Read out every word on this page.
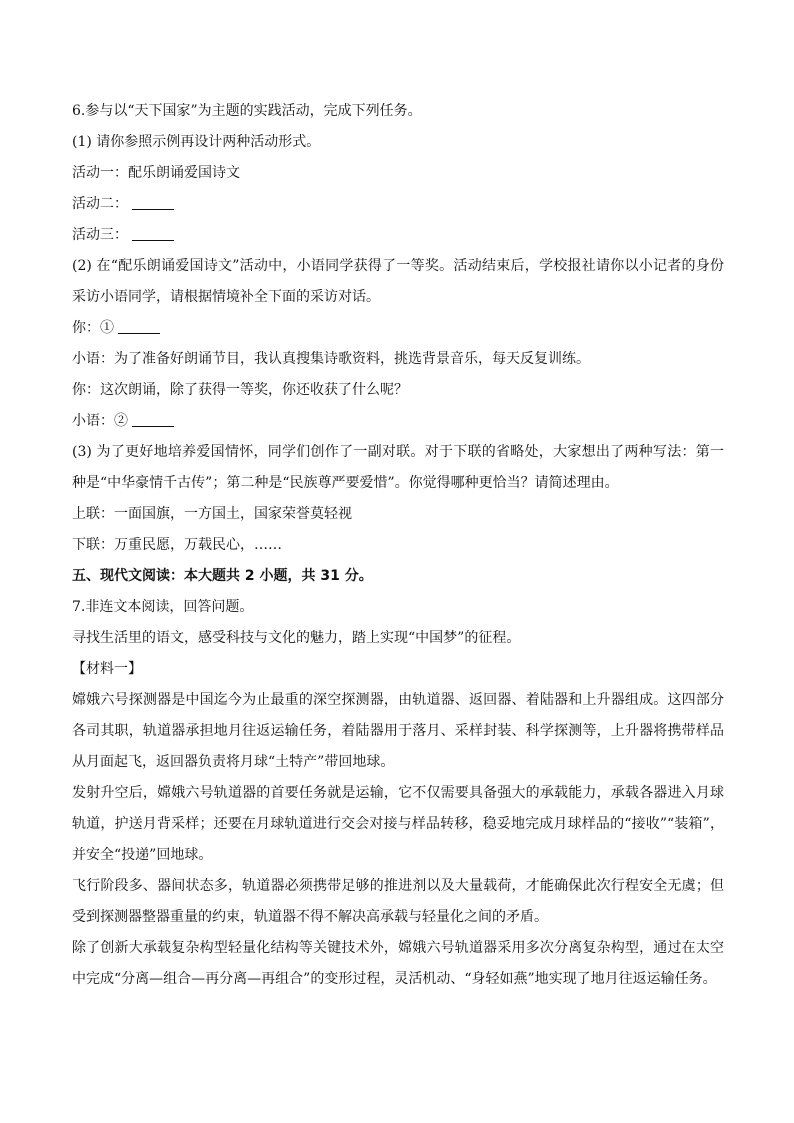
6.参与以“天下国家”为主题的实践活动，完成下列任务。

(1) 请你参照示例再设计两种活动形式。

活动一：配乐朗诵爱国诗文

活动二：

活动三：

(2) 在“配乐朗诵爱国诗文”活动中，小语同学获得了一等奖。活动结束后，学校报社请你以小记者的身份采访小语同学，请根据情境补全下面的采访对话。

你：①

小语：为了准备好朗诵节目，我认真搜集诗歌资料，挑选背景音乐，每天反复训练。

你：这次朗诵，除了获得一等奖，你还收获了什么呢？

小语：②

(3) 为了更好地培养爱国情怀，同学们创作了一副对联。对于下联的省略处，大家想出了两种写法：第一种是“中华豪情千古传”；第二种是“民族尊严要爱惜”。你觉得哪种更恰当？请简述理由。

上联：一面国旗，一方国土，国家荣誉莫轻视

下联：万重民愿，万载民心，……

五、现代文阅读：本大题共 2 小题，共 31 分。

7.非连文本阅读，回答问题。

寻找生活里的语文，感受科技与文化的魅力，踏上实现“中国梦”的征程。

【材料一】

嫦娥六号探测器是中国迄今为止最重的深空探测器，由轨道器、返回器、着陆器和上升器组成。这四部分各司其职，轨道器承担地月往返运输任务，着陆器用于落月、采样封装、科学探测等，上升器将携带样品从月面起飞，返回器负责将月球“土特产”带回地球。

发射升空后，嫦娥六号轨道器的首要任务就是运输，它不仅需要具备强大的承载能力，承载各器进入月球轨道，护送月背采样；还要在月球轨道进行交会对接与样品转移，稳妥地完成月球样品的“接收”“装箱”，并安全“投递”回地球。

飞行阶段多、器间状态多，轨道器必须携带足够的推进剂以及大量载荷，才能确保此次行程安全无虞；但受到探测器整器重量的约束，轨道器不得不解决高承载与轻量化之间的矛盾。

除了创新大承载复杂构型轻量化结构等关键技术外，嫦娥六号轨道器采用多次分离复杂构型，通过在太空中完成“分离—组合—再分离—再组合”的变形过程，灵活机动、“身轻如燕”地实现了地月往返运输任务。
